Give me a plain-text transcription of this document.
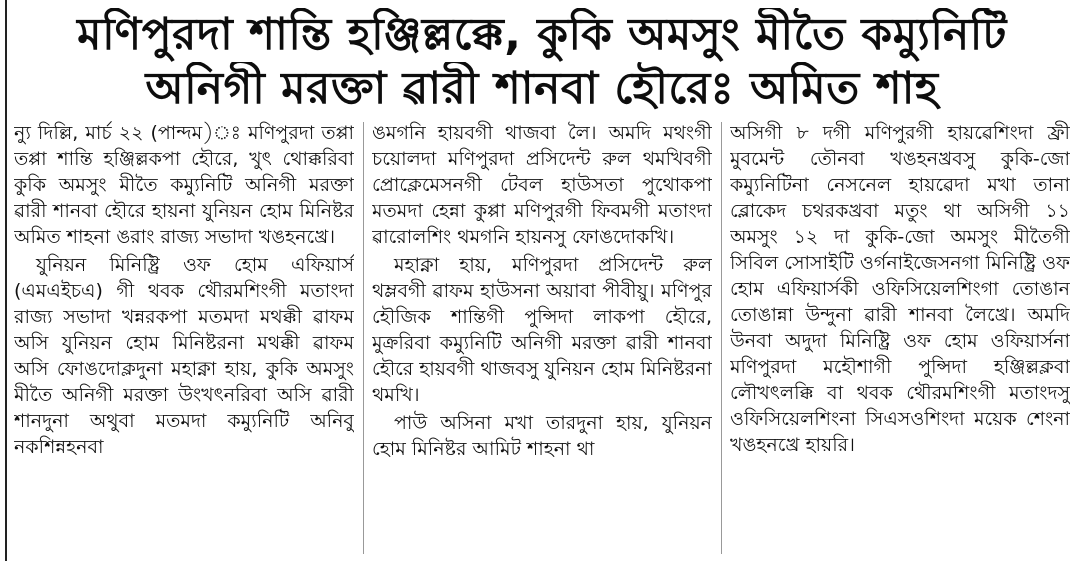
মণিপুরদা শান্তি হঞ্জিল্লক্কে, কুকি অমসুং মীতৈ কম্যুনিটি
অনিগী মরক্তা ৱারী শানবা হৌরেঃ অমিত শাহ

ন্যু দিল্লি, মার্চ ২২ (পান্দম)ঃ মণিপুরদা তপ্পা তপ্পা শান্তি হঞ্জিল্লকপা হৌরে, খুৎ থোক্করিবা কুকি অমসুং মীতৈ কম্যুনিটি অনিগী মরক্তা ৱারী শানবা হৌরে হায়না যুনিয়ন হোম মিনিষ্টর অমিত শাহনা ঙরাং রাজ্য সভাদা খঙহনখ্রে।

যুনিয়ন মিনিষ্ট্রি ওফ হোম এফিয়ার্স (এমএইচএ) গী থবক থৌরমশিংগী মতাংদা রাজ্য সভাদা খন্নরকপা মতমদা মথক্কী ৱাফম অসি যুনিয়ন হোম মিনিষ্টরনা মথক্কী ৱাফম অসি ফোঙদোক্লদুনা মহাক্না হায়, কুকি অমসুং মীতৈ অনিগী মরক্তা উংখৎনরিবা অসি ৱারী শানদুনা অথুবা মতমদা কম্যুনিটি অনিবু নকশিন্নহনবা

ঙমগনি হায়বগী থাজবা লৈ। অমদি মথংগী চয়োলদা মণিপুরদা প্রসিদেন্ট রুল থমখিবগী প্রোক্লেমেসনগী টেবল হাউসতা পুথোকপা মতমদা হেন্না কুপ্পা মণিপুরগী ফিবমগী মতাংদা ৱারোলশিং থমগনি হায়নসু ফোঙদোকখি।

মহাক্না হায়, মণিপুরদা প্রসিদেন্ট রুল থম্লবগী ৱাফম হাউসনা অয়াবা পীবীয়ু। মণিপুর হৌজিক শান্তিগী পুন্সিদা লাকপা হৌরে, মুক্ররিবা কম্যুনিটি অনিগী মরক্তা ৱারী শানবা হৌরে হায়বগী থাজবসু যুনিয়ন হোম মিনিষ্টরনা থমখি।

পাউ অসিনা মখা তারদুনা হায়, যুনিয়ন হোম মিনিষ্টর আমিট শাহনা থা

অসিগী ৮ দগী মণিপুরগী হায়ৱেশিংদা ফ্রী মুবমেন্ট তৌনবা খঙহনখ্রবসু কুকি-জো কম্যুনিটিনা নেসনেল হায়ৱেদা মখা তানা ব্লোকেদ চথরকখ্রবা মতুং থা অসিগী ১১ অমসুং ১২ দা কুকি-জো অমসুং মীতৈগী সিবিল সোসাইটি ওর্গনাইজেসনগা মিনিষ্ট্রি ওফ হোম এফিয়ার্সকী ওফিসিয়েলশিংগা তোঙান তোঙান্না উন্দুনা ৱারী শানবা লৈখ্রে। অমদি উনবা অদুদা মিনিষ্ট্রি ওফ হোম ওফিয়ার্সনা মণিপুরদা মহৌশাগী পুন্সিদা হঞ্জিল্লক্লবা লৌখৎলক্কি বা থবক থৌরমশিংগী মতাংদসু ওফিসিয়েলশিংনা সিএসওশিংদা ময়েক শেংনা খঙহনখ্রে হায়রি।
